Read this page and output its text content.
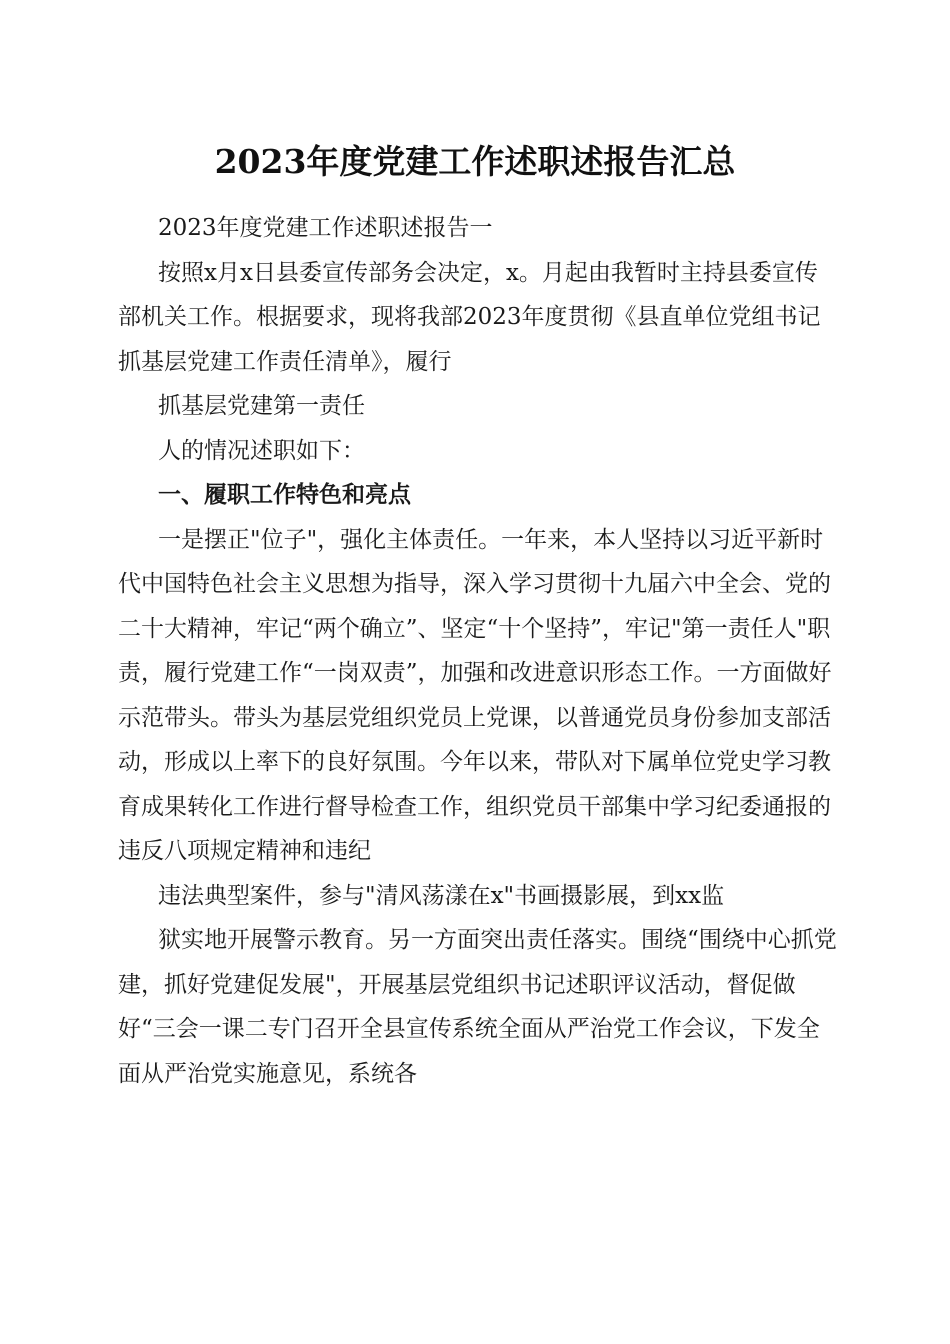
2023年度党建工作述职述报告汇总

2023年度党建工作述职述报告一

按照x月x日县委宣传部务会决定，x。月起由我暂时主持县委宣传部机关工作。根据要求，现将我部2023年度贯彻《县直单位党组书记抓基层党建工作责任清单》，履行

抓基层党建第一责任

人的情况述职如下：

一、履职工作特色和亮点

一是摆正"位子"，强化主体责任。一年来，本人坚持以习近平新时代中国特色社会主义思想为指导，深入学习贯彻十九届六中全会、党的二十大精神，牢记“两个确立”、坚定“十个坚持”，牢记"第一责任人"职责，履行党建工作“一岗双责”，加强和改进意识形态工作。一方面做好示范带头。带头为基层党组织党员上党课，以普通党员身份参加支部活动，形成以上率下的良好氛围。今年以来，带队对下属单位党史学习教育成果转化工作进行督导检查工作，组织党员干部集中学习纪委通报的违反八项规定精神和违纪

违法典型案件，参与"清风荡漾在x"书画摄影展，到xx监

狱实地开展警示教育。另一方面突出责任落实。围绕“围绕中心抓党建，抓好党建促发展"，开展基层党组织书记述职评议活动，督促做好“三会一课二专门召开全县宣传系统全面从严治党工作会议，下发全面从严治党实施意见，系统各
